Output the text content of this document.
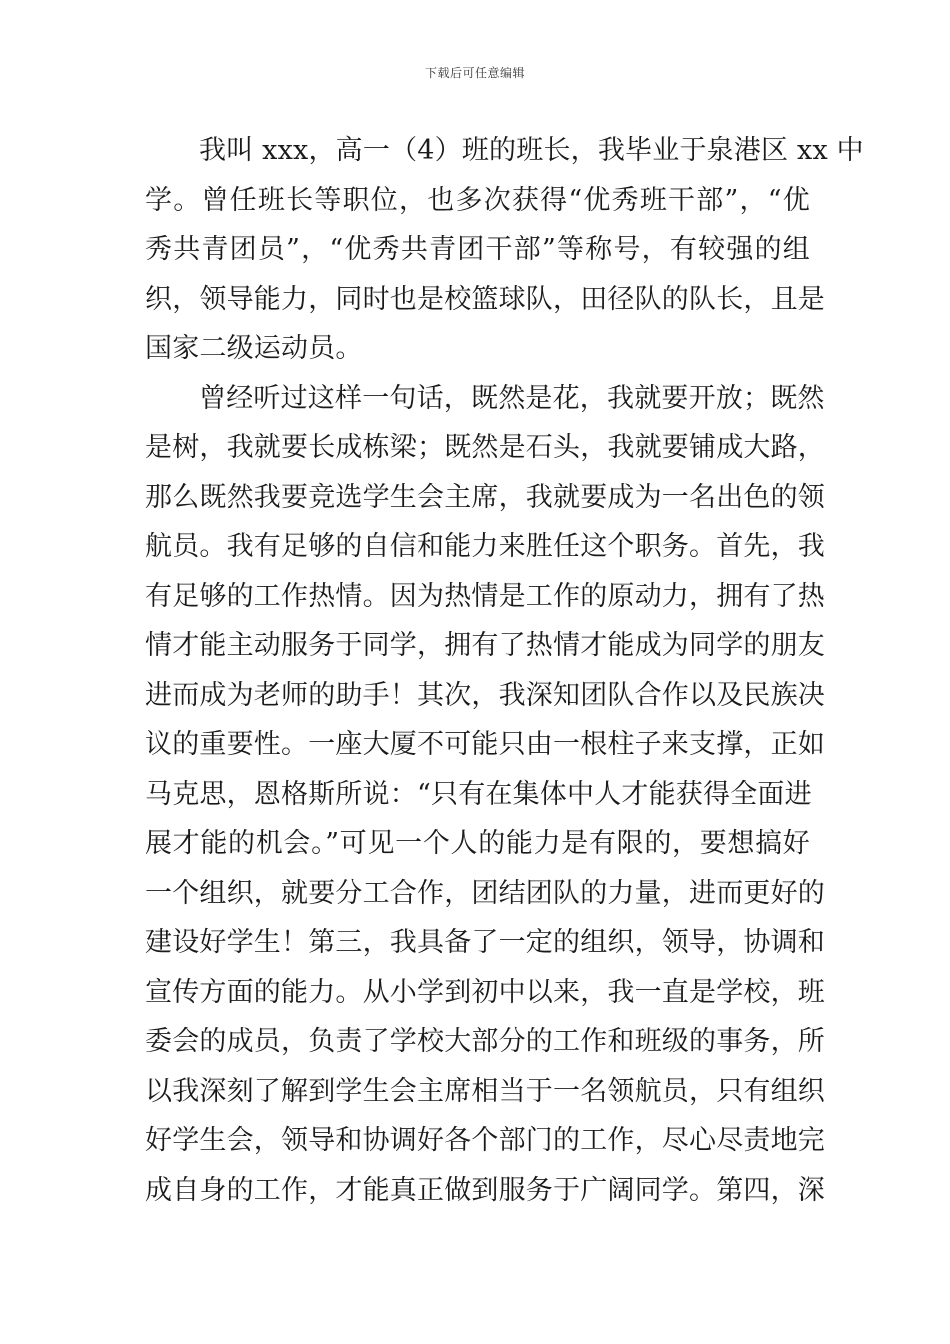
下载后可任意编辑
我叫 xxx，高一（4）班的班长，我毕业于泉港区 xx 中
学。曾任班长等职位，也多次获得“优秀班干部”，“优
秀共青团员”，“优秀共青团干部”等称号，有较强的组
织，领导能力，同时也是校篮球队，田径队的队长，且是
国家二级运动员。
曾经听过这样一句话，既然是花，我就要开放；既然
是树，我就要长成栋梁；既然是石头，我就要铺成大路，
那么既然我要竞选学生会主席，我就要成为一名出色的领
航员。我有足够的自信和能力来胜任这个职务。首先，我
有足够的工作热情。因为热情是工作的原动力，拥有了热
情才能主动服务于同学，拥有了热情才能成为同学的朋友
进而成为老师的助手！其次，我深知团队合作以及民族决
议的重要性。一座大厦不可能只由一根柱子来支撑，正如
马克思，恩格斯所说：“只有在集体中人才能获得全面进
展才能的机会。”可见一个人的能力是有限的，要想搞好
一个组织，就要分工合作，团结团队的力量，进而更好的
建设好学生！第三，我具备了一定的组织，领导，协调和
宣传方面的能力。从小学到初中以来，我一直是学校，班
委会的成员，负责了学校大部分的工作和班级的事务，所
以我深刻了解到学生会主席相当于一名领航员，只有组织
好学生会，领导和协调好各个部门的工作，尽心尽责地完
成自身的工作，才能真正做到服务于广阔同学。第四，深
